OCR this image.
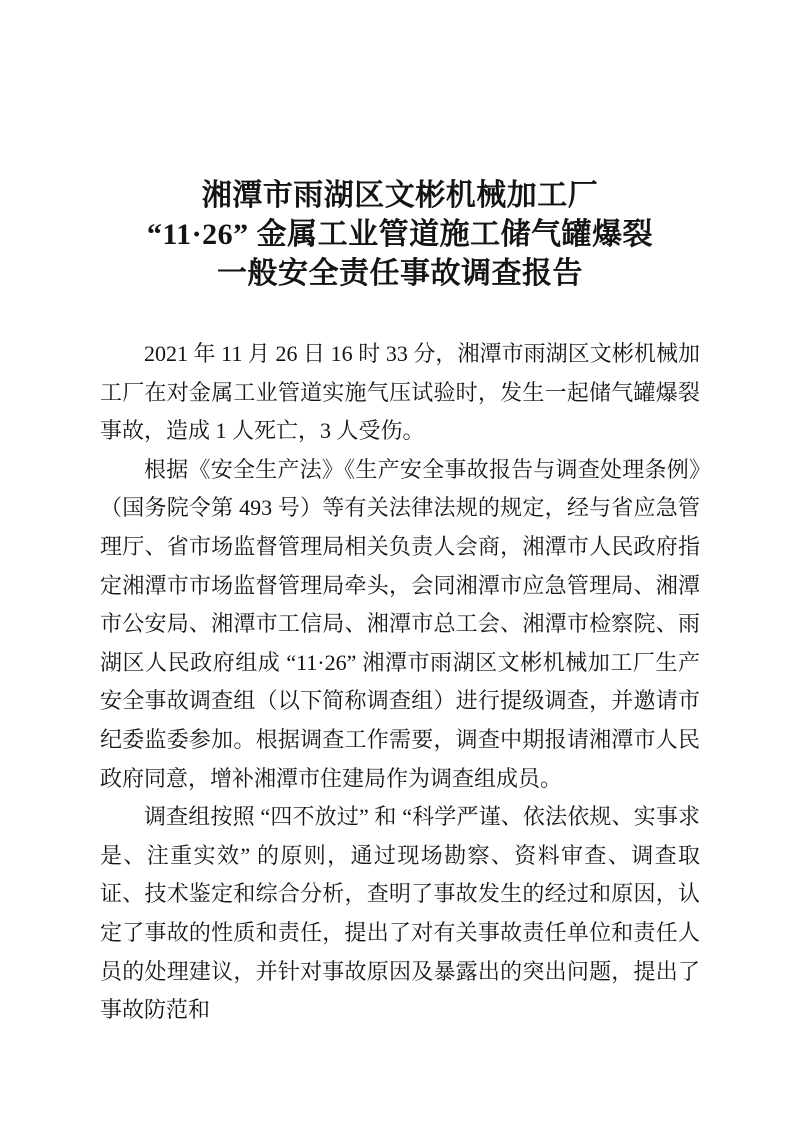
湘潭市雨湖区文彬机械加工厂
“11·26” 金属工业管道施工储气罐爆裂
一般安全责任事故调查报告

2021 年 11 月 26 日 16 时 33 分，湘潭市雨湖区文彬机械加工厂在对金属工业管道实施气压试验时，发生一起储气罐爆裂事故，造成 1 人死亡，3 人受伤。

根据《安全生产法》《生产安全事故报告与调查处理条例》（国务院令第 493 号）等有关法律法规的规定，经与省应急管理厅、省市场监督管理局相关负责人会商，湘潭市人民政府指定湘潭市市场监督管理局牵头，会同湘潭市应急管理局、湘潭市公安局、湘潭市工信局、湘潭市总工会、湘潭市检察院、雨湖区人民政府组成 “11·26” 湘潭市雨湖区文彬机械加工厂生产安全事故调查组（以下简称调查组）进行提级调查，并邀请市纪委监委参加。根据调查工作需要，调查中期报请湘潭市人民政府同意，增补湘潭市住建局作为调查组成员。

调查组按照 “四不放过” 和 “科学严谨、依法依规、实事求是、注重实效” 的原则，通过现场勘察、资料审查、调查取证、技术鉴定和综合分析，查明了事故发生的经过和原因，认定了事故的性质和责任，提出了对有关事故责任单位和责任人员的处理建议，并针对事故原因及暴露出的突出问题，提出了事故防范和
